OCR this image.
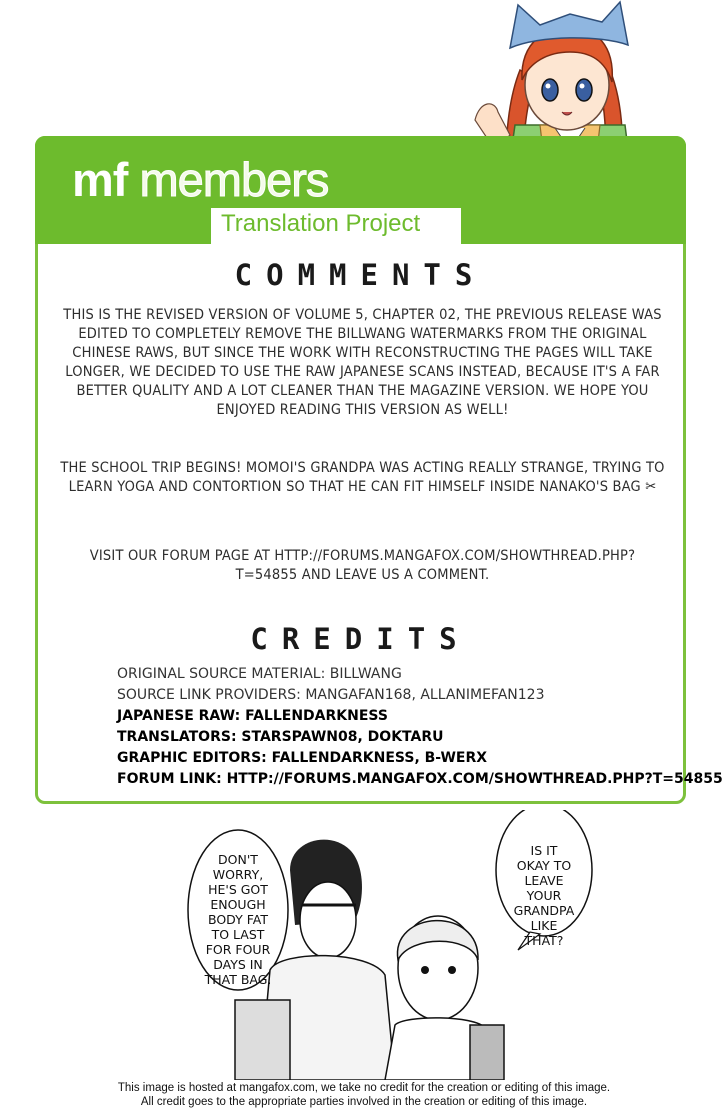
mf members
Translation Project
COMMENTS
THIS IS THE REVISED VERSION OF VOLUME 5, CHAPTER 02, THE PREVIOUS RELEASE WAS EDITED TO COMPLETELY REMOVE THE BILLWANG WATERMARKS FROM THE ORIGINAL CHINESE RAWS, BUT SINCE THE WORK WITH RECONSTRUCTING THE PAGES WILL TAKE LONGER, WE DECIDED TO USE THE RAW JAPANESE SCANS INSTEAD, BECAUSE IT'S A FAR BETTER QUALITY AND A LOT CLEANER THAN THE MAGAZINE VERSION. WE HOPE YOU ENJOYED READING THIS VERSION AS WELL!
THE SCHOOL TRIP BEGINS! MOMOI'S GRANDPA WAS ACTING REALLY STRANGE, TRYING TO LEARN YOGA AND CONTORTION SO THAT HE CAN FIT HIMSELF INSIDE NANAKO'S BAG ✂
VISIT OUR FORUM PAGE AT HTTP://FORUMS.MANGAFOX.COM/SHOWTHREAD.PHP?T=54855 AND LEAVE US A COMMENT.
CREDITS
ORIGINAL SOURCE MATERIAL: BILLWANG
SOURCE LINK PROVIDERS: MANGAFAN168, ALLANIMEFAN123
JAPANESE RAW: FALLENDARKNESS
TRANSLATORS: STARSPAWN08, DOKTARU
GRAPHIC EDITORS: FALLENDARKNESS, B-WERX
FORUM LINK: HTTP://FORUMS.MANGAFOX.COM/SHOWTHREAD.PHP?T=54855
DON'T
WORRY,
HE'S GOT
ENOUGH
BODY FAT
TO LAST
FOR FOUR
DAYS IN
THAT BAG.
IS IT
OKAY TO
LEAVE
YOUR
GRANDPA
LIKE
THAT?
This image is hosted at mangafox.com, we take no credit for the creation or editing of this image.
All credit goes to the appropriate parties involved in the creation or editing of this image.
